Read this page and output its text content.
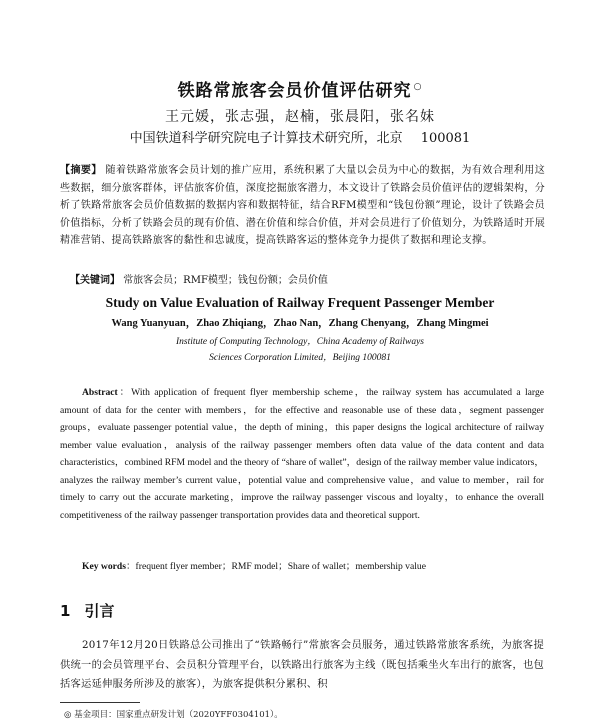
铁路常旅客会员价值评估研究 ○
王元媛，张志强，赵楠，张晨阳，张名妹
中国铁道科学研究院电子计算技术研究所，北京 100081
【摘要】 随着铁路常旅客会员计划的推广应用，系统积累了大量以会员为中心的数据，为有效合理利用这些数据，细分旅客群体，评估旅客价值，深度挖掘旅客潜力，本文设计了铁路会员价值评估的逻辑架构，分析了铁路常旅客会员价值数据的数据内容和数据特征，结合RFM模型和“钱包份额”理论，设计了铁路会员价值指标，分析了铁路会员的现有价值、潜在价值和综合价值，并对会员进行了价值划分，为铁路适时开展精准营销、提高铁路旅客的黏性和忠诚度，提高铁路客运的整体竞争力提供了数据和理论支撑。
【关键词】 常旅客会员；RMF模型；钱包份额；会员价值
Study on Value Evaluation of Railway Frequent Passenger Member
Wang Yuanyuan，Zhao Zhiqiang，Zhao Nan，Zhang Chenyang，Zhang Mingmei
Institute of Computing Technology，China Academy of Railways
Sciences Corporation Limited，Beijing 100081
Abstract：With application of frequent flyer membership scheme，the railway system has accumulated a large amount of data for the center with members，for the effective and reasonable use of these data，segment passenger groups，evaluate passenger potential value，the depth of mining，this paper designs the logical architecture of railway member value evaluation，analysis of the railway passenger members often data value of the data content and data characteristics，combined RFM model and the theory of “share of wallet”，design of the railway member value indicators，analyzes the railway member’s current value，potential value and comprehensive value，and value to member，rail for timely to carry out the accurate marketing，improve the railway passenger viscous and loyalty，to enhance the overall competitiveness of the railway passenger transportation provides data and theoretical support.
Key words：frequent flyer member；RMF model；Share of wallet；membership value
1 引言
2017年12月20日铁路总公司推出了“铁路畅行”常旅客会员服务，通过铁路常旅客系统，为旅客提供统一的会员管理平台、会员积分管理平台，以铁路出行旅客为主线（既包括乘坐火车出行的旅客，也包括客运延伸服务所涉及的旅客），为旅客提供积分累积、积
◎ 基金项目：国家重点研发计划（2020YFF0304101）。
